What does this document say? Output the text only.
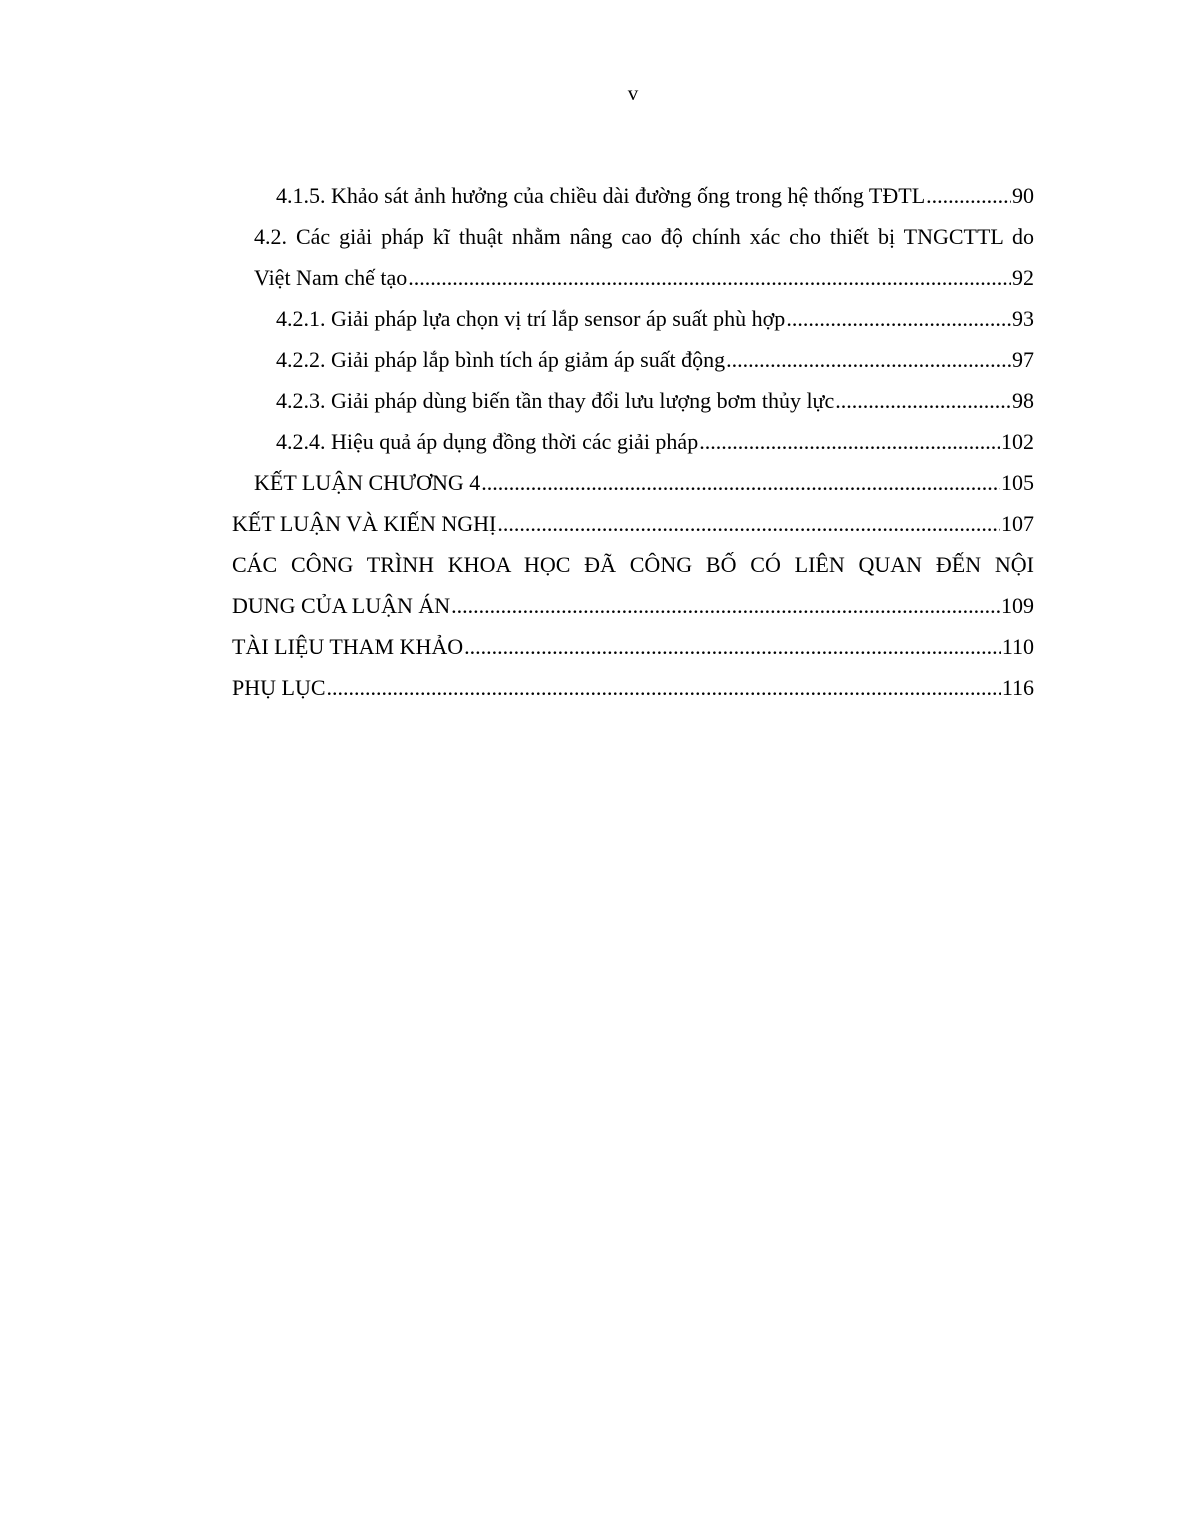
v
4.1.5. Khảo sát ảnh hưởng của chiều dài đường ống trong hệ thống TĐTL .....	90
4.2. Các giải pháp kĩ thuật nhằm nâng cao độ chính xác cho thiết bị TNGCTTL do
Việt Nam chế tạo .....	92
4.2.1. Giải pháp lựa chọn vị trí lắp sensor áp suất phù hợp .....	93
4.2.2. Giải pháp lắp bình tích áp giảm áp suất động .....	97
4.2.3. Giải pháp dùng biến tần thay đổi lưu lượng bơm thủy lực .....	98
4.2.4. Hiệu quả áp dụng đồng thời các giải pháp .....	102
KẾT LUẬN CHƯƠNG 4 .....	105
KẾT LUẬN VÀ KIẾN NGHỊ .....	107
CÁC CÔNG TRÌNH KHOA HỌC ĐÃ CÔNG BỐ CÓ LIÊN QUAN ĐẾN NỘI
DUNG CỦA LUẬN ÁN .....	109
TÀI LIỆU THAM KHẢO .....	110
PHỤ LỤC .....	116
